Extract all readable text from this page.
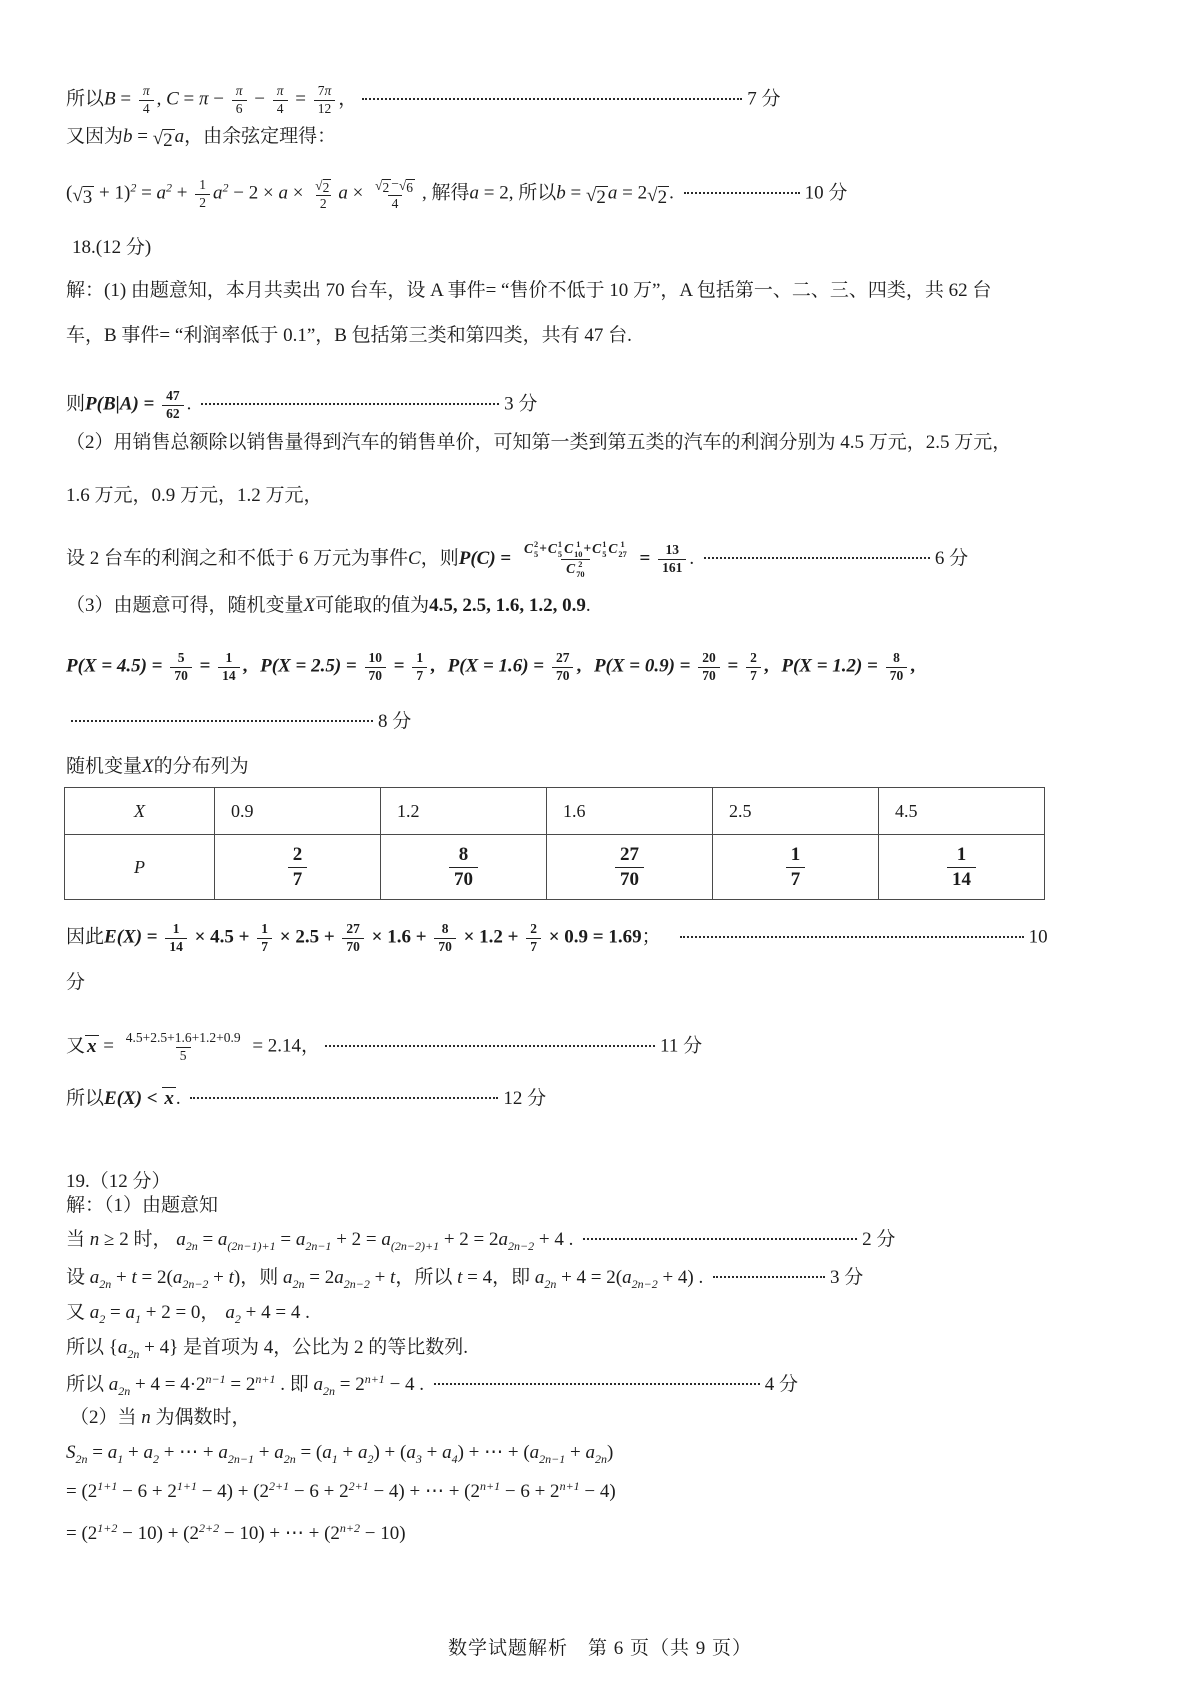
所以$B = \frac{\pi}{4}$ , $C = \pi - \frac{\pi}{6} - \frac{\pi}{4} = \frac{7\pi}{12}$ ，	7 分
又因为b = √ 2 a，由余弦定理得：
( √ $3 + 1)^2 = a^2 + \frac{1}{2} a^2 - 2 \times a \times \frac{√ 2}{2}$ $a \times \frac{√ 2 - √ 6}{4}$ , 解得a = 2, 所以b = √ 2 a = 2 √ 2 .	10 分
18.(12 分)
解：(1) 由题意知，本月共卖出 70 台车，设 A 事件= “售价不低于 10 万”，A 包括第一、二、三、四类，共 62 台
车，B 事件= “利润率低于 0.1”，B 包括第三类和第四类，共有 47 台.
则$P(B|A) = \frac{47}{62}$ .	3 分
（2）用销售总额除以销售量得到汽车的销售单价，可知第一类到第五类的汽车的利润分别为 4.5 万元，2.5 万元，
1.6 万元，0.9 万元，1.2 万元，
设 2 台车的利润之和不低于 6 万元为事件C，则P(C) = C 2
5 + C 1
5 C 1
10 + C 1
5 C 1
27
C 2
$70 = \frac{13}{161}$ .	6 分
（3）由题意可得，随机变量X可能取的值为4.5, 2.5, 1.6, 1.2, 0.9.
$P(X = 4.5) = \frac{5}{70} = \frac{1}{14}$ , $P(X = 2.5) = \frac{10}{70} = \frac{1}{7}$ , $P(X = 1.6) = \frac{27}{70}$ , $P(X = 0.9) = \frac{20}{70} = \frac{2}{7}$ , $P(X = 1.2) = \frac{8}{70}$ ,
8 分
随机变量X的分布列为
因此$E(X) = \frac{1}{14} \times 4.5 + \frac{1}{7} \times 2.5 + \frac{27}{70} \times 1.6 + \frac{8}{70} \times 1.2 + \frac{2}{7} \times 0.9 = 1.69$；	10
分
又 $x = \frac{4.5+2.5+1.6+1.2+0.9}{5} = 2.14$，	11 分
所以E(X) < x .	12 分
19.（12 分）
解：（1）由题意知
当 n ≥ 2 时， $a_{2n} = a_{(2n-1)+1} = a_{2n-1} + 2 = a_{(2n-2)+1} + 2 = 2a_{2n-2} + 4$ .	2 分
设 $a_{2n} + t = 2(a_{2n-2} + t)$，则 $a_{2n} = 2a_{2n-2} + t$，所以 t = 4，即 $a_{2n} + 4 = 2(a_{2n-2} + 4)$ .	3 分
又 $a_2 = a_1 + 2 = 0$， $a_2 + 4 = 4$ .
所以 $\{a_{2n} + 4\}$ 是首项为 4，公比为 2 的等比数列.
所以 $a_{2n} + 4 = 4\cdot 2^{n-1} = 2^{n+1}$ . 即 $a_{2n} = 2^{n+1} - 4$ .	4 分
（2）当 n 为偶数时，
$S_{2n} = a_1 + a_2$ + ⋯ + $a_{2n-1} + a_{2n} = (a_1 + a_2) + (a_3 + a_4)$ + ⋯ + $(a_{2n-1} + a_{2n})$
= $(2^{1+1} - 6 + 2^{1+1} - 4) + (2^{2+1} - 6 + 2^{2+1} - 4)$ + ⋯ + $(2^{n+1} - 6 + 2^{n+1} - 4)$
= $(2^{1+2} - 10) + (2^{2+2} - 10)$ + ⋯ + $(2^{n+2} - 10)$
X	0.9	1.2	1.6	2.5	4.5
P	$\frac{2}{7}$	$\frac{8}{70}$	$\frac{27}{70}$	$\frac{1}{7}$	$\frac{1}{14}$
数学试题解析　第 6 页（共 9 页）
